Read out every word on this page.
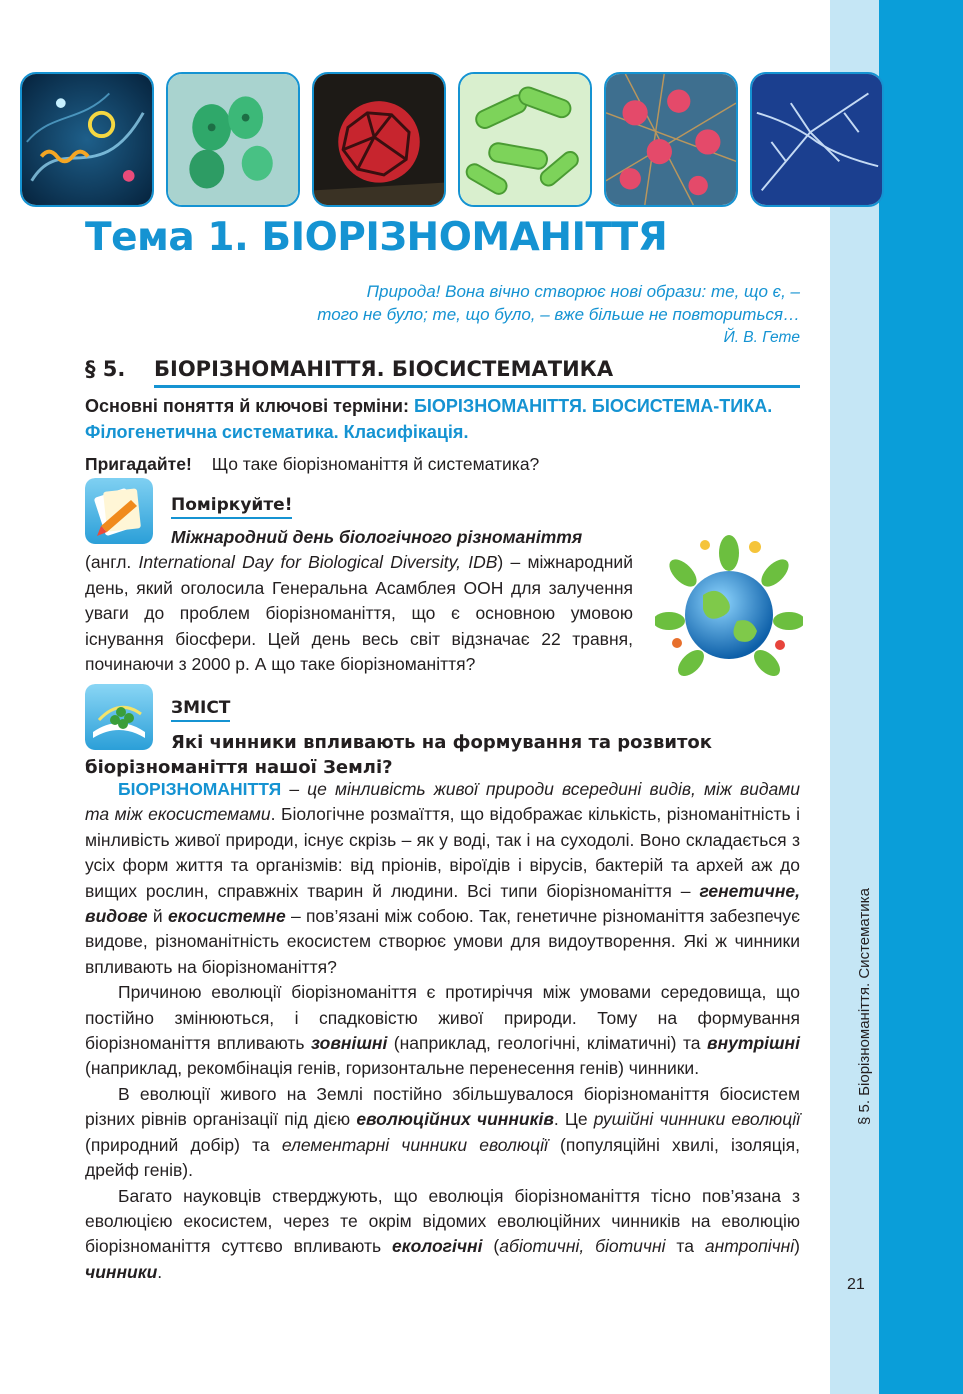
§ 5. Біорізноманіття. Систематика
21
Тема 1. БІОРІЗНОМАНІТТЯ
Природа! Вона вічно створює нові образи: те, що є, –
того не було; те, що було, – вже більше не повториться…
Й. В. Гете
§ 5. БІОРІЗНОМАНІТТЯ. БІОСИСТЕМАТИКА
Основні поняття й ключові терміни: БІОРІЗНОМАНІТТЯ. БІОСИСТЕМА-ТИКА. Філогенетична систематика. Класифікація.
Пригадайте! Що таке біорізноманіття й систематика?
Поміркуйте!
Міжнародний день біологічного різноманіття
(англ. International Day for Biological Diversity, IDB) – міжнародний день, який оголосила Генеральна Асамблея ООН для залучення уваги до проблем біорізноманіття, що є основною умовою існування біосфери. Цей день весь світ відзначає 22 травня, починаючи з 2000 р. А що таке біорізноманіття?
ЗМІСТ
Які чинники впливають на формування та розвиток біорізноманіття нашої Землі?

БІОРІЗНОМАНІТТЯ – це мінливість живої природи всередині видів, між видами та між екосистемами. Біологічне розмаїття, що відображає кількість, різноманітність і мінливість живої природи, існує скрізь – як у воді, так і на суходолі. Воно складається з усіх форм життя та організмів: від пріонів, віроїдів і вірусів, бактерій та архей аж до вищих рослин, справжніх тварин й людини. Всі типи біорізноманіття – генетичне, видове й екосистемне – пов’язані між собою. Так, генетичне різноманіття забезпечує видове, різноманітність екосистем створює умови для видоутворення. Які ж чинники впливають на біорізноманіття?

Причиною еволюції біорізноманіття є протиріччя між умовами середовища, що постійно змінюються, і спадковістю живої природи. Тому на формування біорізноманіття впливають зовнішні (наприклад, геологічні, кліматичні) та внутрішні (наприклад, рекомбінація генів, горизонтальне перенесення генів) чинники.

В еволюції живого на Землі постійно збільшувалося біорізноманіття біосистем різних рівнів організації під дією еволюційних чинників. Це рушійні чинники еволюції (природний добір) та елементарні чинники еволюції (популяційні хвилі, ізоляція, дрейф генів).

Багато науковців стверджують, що еволюція біорізноманіття тісно пов’язана з еволюцією екосистем, через те окрім відомих еволюційних чинників на еволюцію біорізноманіття суттєво впливають екологічні (абіотичні, біотичні та антропічні) чинники.
